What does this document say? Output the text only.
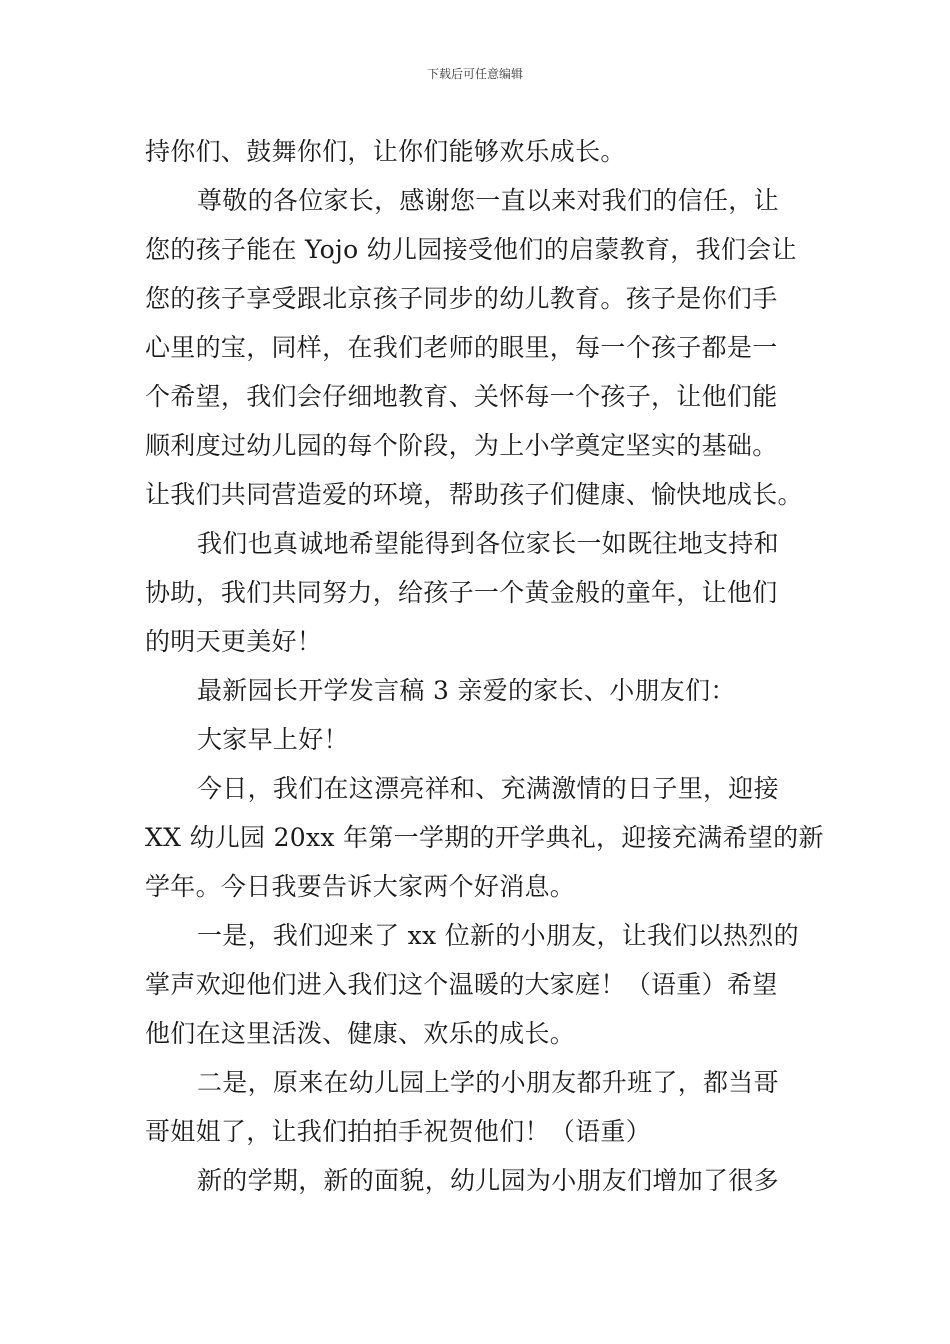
下载后可任意编辑
持你们、鼓舞你们，让你们能够欢乐成长。
尊敬的各位家长，感谢您一直以来对我们的信任，让
您的孩子能在 Yojo 幼儿园接受他们的启蒙教育，我们会让
您的孩子享受跟北京孩子同步的幼儿教育。孩子是你们手
心里的宝，同样，在我们老师的眼里，每一个孩子都是一
个希望，我们会仔细地教育、关怀每一个孩子，让他们能
顺利度过幼儿园的每个阶段，为上小学奠定坚实的基础。
让我们共同营造爱的环境，帮助孩子们健康、愉快地成长。
我们也真诚地希望能得到各位家长一如既往地支持和
协助，我们共同努力，给孩子一个黄金般的童年，让他们
的明天更美好！
最新园长开学发言稿 3 亲爱的家长、小朋友们：
大家早上好！
今日，我们在这漂亮祥和、充满激情的日子里，迎接
XX 幼儿园 20xx 年第一学期的开学典礼，迎接充满希望的新
学年。今日我要告诉大家两个好消息。
一是，我们迎来了 xx 位新的小朋友，让我们以热烈的
掌声欢迎他们进入我们这个温暖的大家庭！（语重）希望
他们在这里活泼、健康、欢乐的成长。
二是，原来在幼儿园上学的小朋友都升班了，都当哥
哥姐姐了，让我们拍拍手祝贺他们！（语重）
新的学期，新的面貌，幼儿园为小朋友们增加了很多
